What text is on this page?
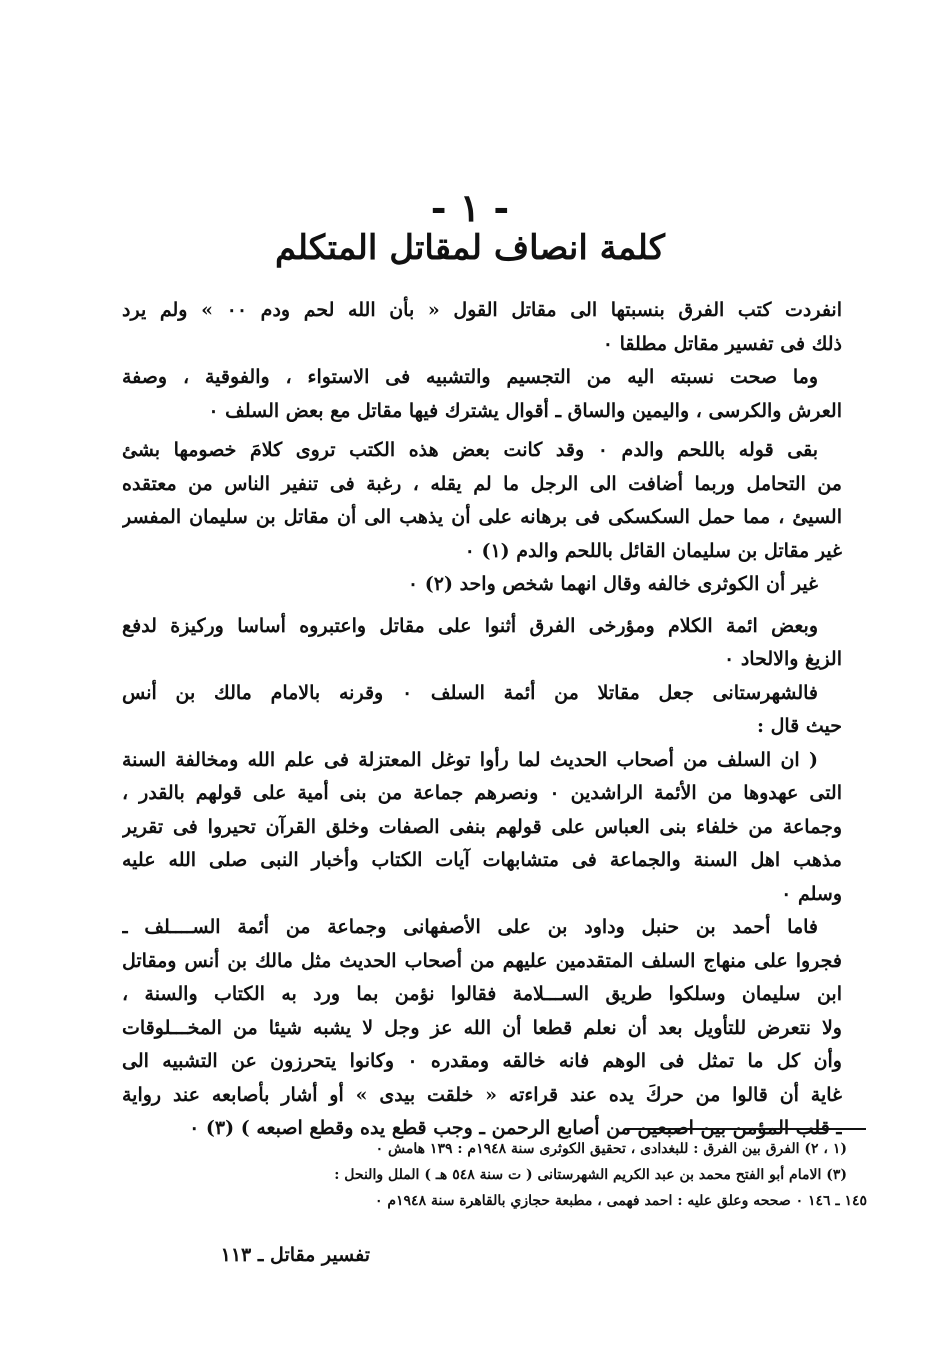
- ١ -
كلمة انصاف لمقاتل المتكلم
انفردت كتب الفرق بنسبتها الى مقاتل القول « بأن الله لحم ودم ٠٠ » ولم يرد
ذلك فى تفسير مقاتل مطلقا ٠
وما صحت نسبته اليه من التجسيم والتشبيه فى الاستواء ، والفوقية ، وصفة
العرش والكرسى ، واليمين والساق ـ أقوال يشترك فيها مقاتل مع بعض السلف ٠
بقى قوله باللحم والدم ٠ وقد كانت بعض هذه الكتب تروى كلامَ خصومها بشئ
من التحامل وربما أضافت الى الرجل ما لم يقله ، رغبة فى تنفير الناس من معتقده
السيئ ، مما حمل السكسكى فى برهانه على أن يذهب الى أن مقاتل بن سليمان المفسر
غير مقاتل بن سليمان القائل باللحم والدم (١) ٠
غير أن الكوثرى خالفه وقال انهما شخص واحد (٢) ٠
وبعض ائمة الكلام ومؤرخى الفرق أثنوا على مقاتل واعتبروه أساسا وركيزة لدفع
الزيغ والالحاد ٠
فالشهرستانى جعل مقاتلا من أئمة السلف ٠ وقرنه بالامام مالك بن أنس
حيث قال :
( ان السلف من أصحاب الحديث لما رأوا توغل المعتزلة فى علم الله ومخالفة السنة
التى عهدوها من الأئمة الراشدين ٠ ونصرهم جماعة من بنى أمية على قولهم بالقدر ،
وجماعة من خلفاء بنى العباس على قولهم بنفى الصفات وخلق القرآن تحيروا فى تقرير
مذهب اهل السنة والجماعة فى متشابهات آيات الكتاب وأخبار النبى صلى الله عليه
وسلم ٠
فاما أحمد بن حنبل وداود بن على الأصفهانى وجماعة من أئمة الســــلف ـ
فجروا على منهاج السلف المتقدمين عليهم من أصحاب الحديث مثل مالك بن أنس ومقاتل
ابن سليمان وسلكوا طريق الســـلامة فقالوا نؤمن بما ورد به الكتاب والسنة ،
ولا نتعرض للتأويل بعد أن نعلم قطعا أن الله عز وجل لا يشبه شيئا من المخـــلوقات
وأن كل ما تمثل فى الوهم فانه خالقه ومقدره ٠ وكانوا يتحرزون عن التشبيه الى
غاية أن قالوا من حركَ يده عند قراءته « خلقت بيدى » أو أشار بأصابعه عند رواية
ـ قلب المؤمن بين اصبعين من أصابع الرحمن ـ وجب قطع يده وقطع اصبعه ) (٣) ٠
(١ ، ٢) الفرق بين الفرق : للبغدادى ، تحقيق الكوثرى سنة ١٩٤٨م : ١٣٩ هامش ٠
(٣) الامام أبو الفتح محمد بن عبد الكريم الشهرستانى ( ت سنة ٥٤٨ هـ ) الملل والنحل :
١٤٥ ـ ١٤٦ ٠ صححه وعلق عليه : احمد فهمى ، مطبعة حجازي بالقاهرة سنة ١٩٤٨م ٠
تفسير مقاتل ـ ١١٣
